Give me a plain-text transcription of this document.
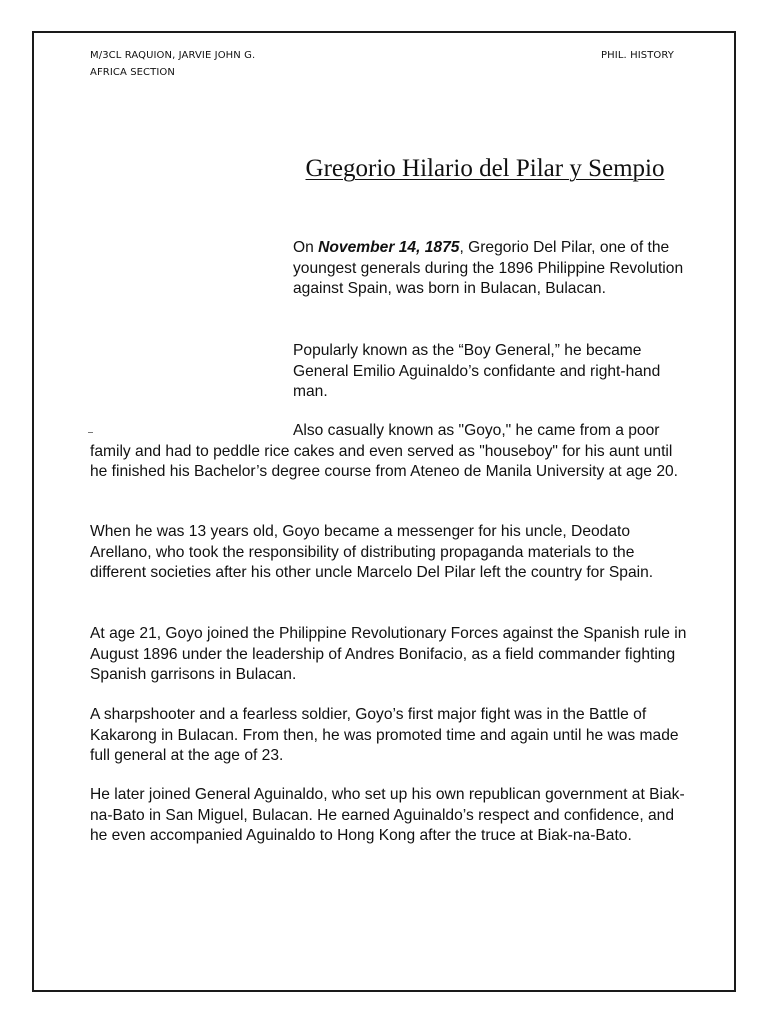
M/3CL RAQUION, JARVIE JOHN G.
AFRICA SECTION
PHIL. HISTORY
Gregorio Hilario del Pilar y Sempio

On November 14, 1875, Gregorio Del Pilar, one of the youngest generals during the 1896 Philippine Revolution against Spain, was born in Bulacan, Bulacan.

Popularly known as the “Boy General,” he became General Emilio Aguinaldo’s confidante and right-hand man.

Also casually known as "Goyo," he came from a poor family and had to peddle rice cakes and even served as "houseboy" for his aunt until he finished his Bachelor’s degree course from Ateneo de Manila University at age 20.

When he was 13 years old, Goyo became a messenger for his uncle, Deodato Arellano, who took the responsibility of distributing propaganda materials to the different societies after his other uncle Marcelo Del Pilar left the country for Spain.

At age 21, Goyo joined the Philippine Revolutionary Forces against the Spanish rule in August 1896 under the leadership of Andres Bonifacio, as a field commander fighting Spanish garrisons in Bulacan.

A sharpshooter and a fearless soldier, Goyo’s first major fight was in the Battle of Kakarong in Bulacan. From then, he was promoted time and again until he was made full general at the age of 23.

He later joined General Aguinaldo, who set up his own republican government at Biak-na-Bato in San Miguel, Bulacan. He earned Aguinaldo’s respect and confidence, and he even accompanied Aguinaldo to Hong Kong after the truce at Biak-na-Bato.
